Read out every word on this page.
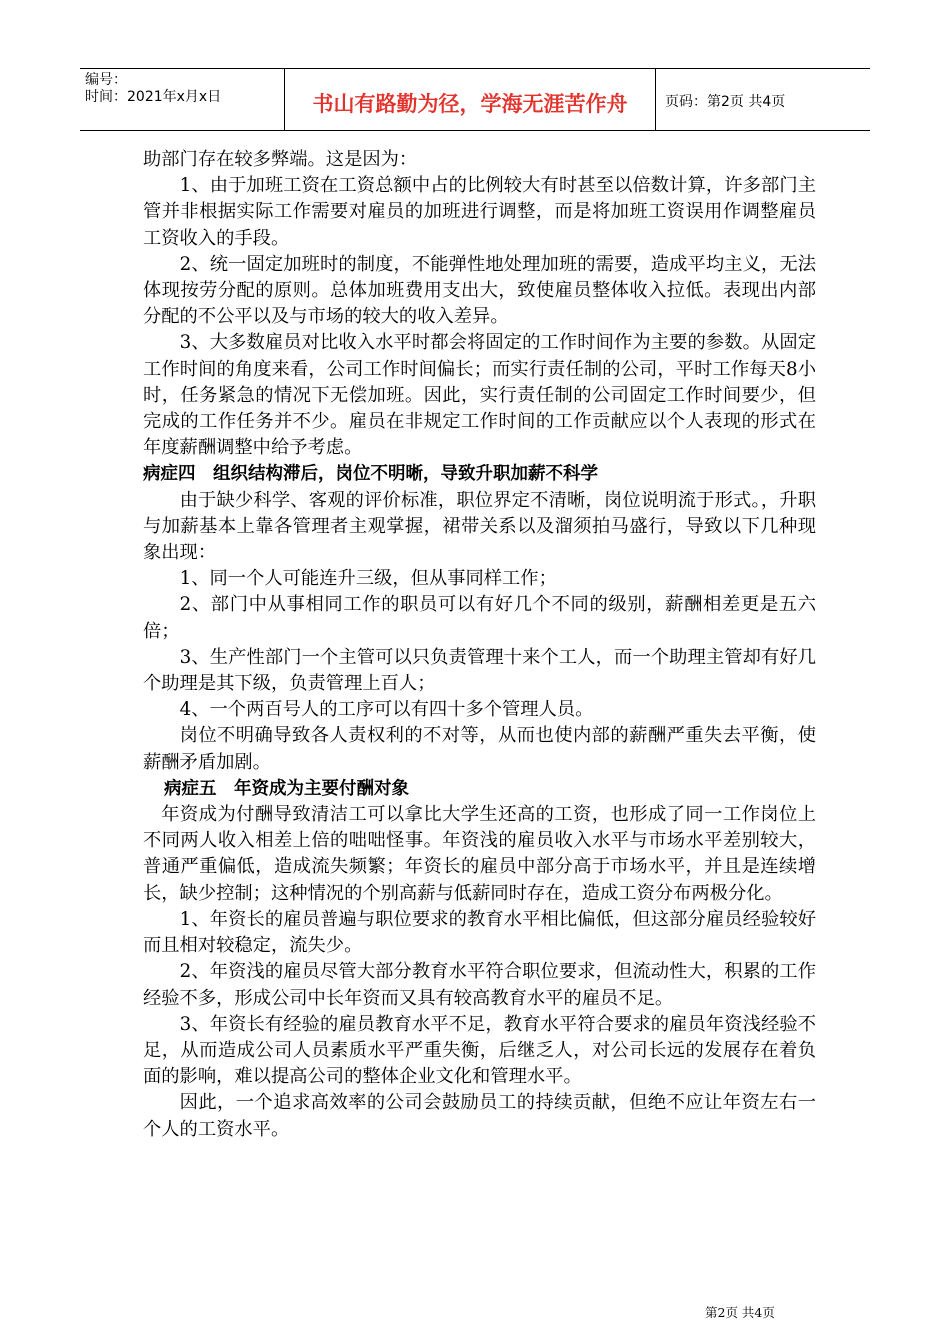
编号：
时间：2021年x月x日	书山有路勤为径，学海无涯苦作舟	页码：第2页 共4页

助部门存在较多弊端。这是因为：

1、由于加班工资在工资总额中占的比例较大有时甚至以倍数计算，许多部门主管并非根据实际工作需要对雇员的加班进行调整，而是将加班工资误用作调整雇员工资收入的手段。

2、统一固定加班时的制度，不能弹性地处理加班的需要，造成平均主义，无法体现按劳分配的原则。总体加班费用支出大，致使雇员整体收入拉低。表现出内部分配的不公平以及与市场的较大的收入差异。

3、大多数雇员对比收入水平时都会将固定的工作时间作为主要的参数。从固定工作时间的角度来看，公司工作时间偏长；而实行责任制的公司，平时工作每天8小时，任务紧急的情况下无偿加班。因此，实行责任制的公司固定工作时间要少，但完成的工作任务并不少。雇员在非规定工作时间的工作贡献应以个人表现的形式在年度薪酬调整中给予考虑。

病症四　组织结构滞后，岗位不明晰，导致升职加薪不科学

由于缺少科学、客观的评价标准，职位界定不清晰，岗位说明流于形式。，升职与加薪基本上靠各管理者主观掌握，裙带关系以及溜须拍马盛行，导致以下几种现象出现：

1、同一个人可能连升三级，但从事同样工作；

2、部门中从事相同工作的职员可以有好几个不同的级别，薪酬相差更是五六倍；

3、生产性部门一个主管可以只负责管理十来个工人，而一个助理主管却有好几个助理是其下级，负责管理上百人；

4、一个两百号人的工序可以有四十多个管理人员。

岗位不明确导致各人责权利的不对等，从而也使内部的薪酬严重失去平衡，使薪酬矛盾加剧。

病症五　年资成为主要付酬对象

年资成为付酬导致清洁工可以拿比大学生还高的工资，也形成了同一工作岗位上不同两人收入相差上倍的咄咄怪事。年资浅的雇员收入水平与市场水平差别较大，普通严重偏低，造成流失频繁；年资长的雇员中部分高于市场水平，并且是连续增长，缺少控制；这种情况的个别高薪与低薪同时存在，造成工资分布两极分化。

1、年资长的雇员普遍与职位要求的教育水平相比偏低，但这部分雇员经验较好而且相对较稳定，流失少。

2、年资浅的雇员尽管大部分教育水平符合职位要求，但流动性大，积累的工作经验不多，形成公司中长年资而又具有较高教育水平的雇员不足。

3、年资长有经验的雇员教育水平不足，教育水平符合要求的雇员年资浅经验不足，从而造成公司人员素质水平严重失衡，后继乏人，对公司长远的发展存在着负面的影响，难以提高公司的整体企业文化和管理水平。

因此，一个追求高效率的公司会鼓励员工的持续贡献，但绝不应让年资左右一个人的工资水平。

第2页 共4页
